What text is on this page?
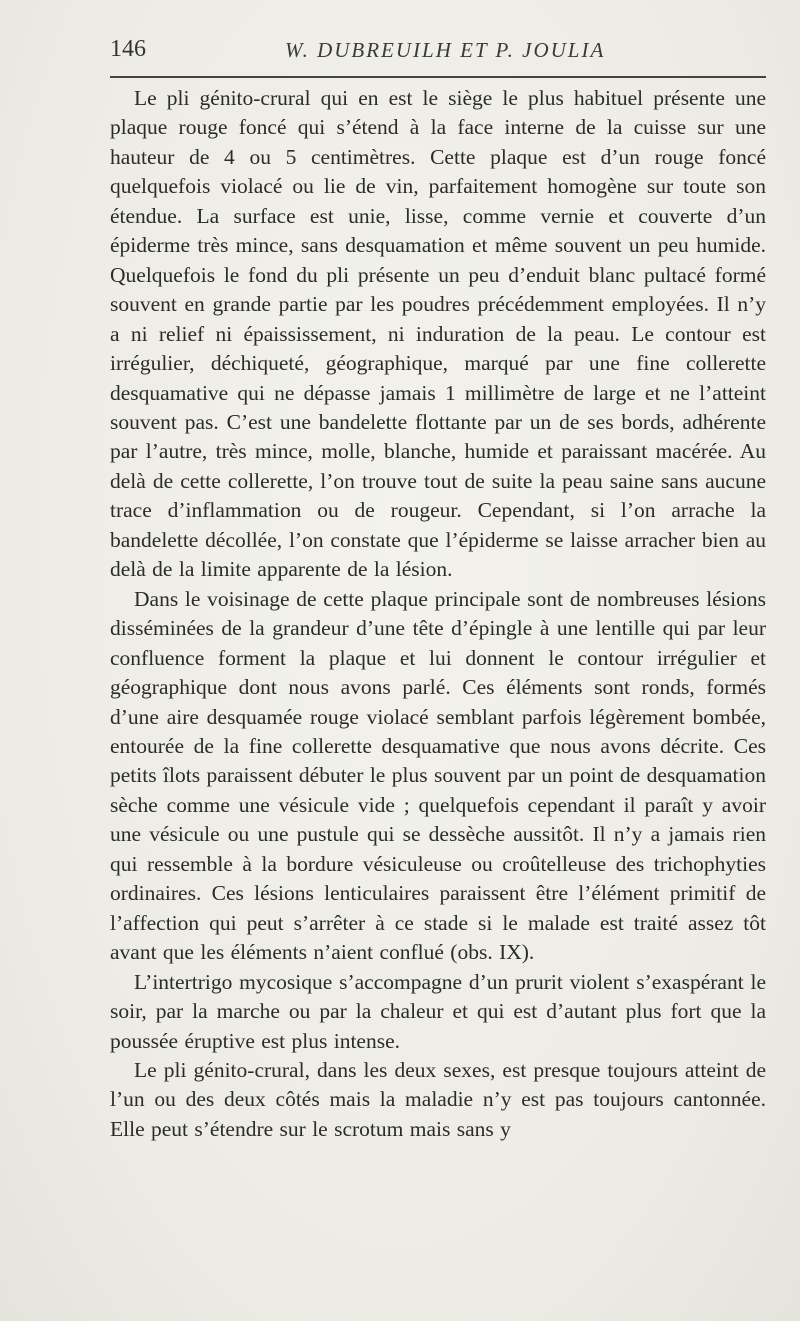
146	W. DUBREUILH ET P. JOULIA

Le pli génito-crural qui en est le siège le plus habituel présente une plaque rouge foncé qui s’étend à la face interne de la cuisse sur une hauteur de 4 ou 5 centimètres. Cette plaque est d’un rouge foncé quelquefois violacé ou lie de vin, parfaitement homogène sur toute son étendue. La surface est unie, lisse, comme vernie et couverte d’un épiderme très mince, sans desquamation et même souvent un peu humide. Quelquefois le fond du pli présente un peu d’enduit blanc pultacé formé souvent en grande partie par les poudres précédemment employées. Il n’y a ni relief ni épaississement, ni induration de la peau. Le contour est irrégulier, déchiqueté, géographique, marqué par une fine collerette desquamative qui ne dépasse jamais 1 millimètre de large et ne l’atteint souvent pas. C’est une bandelette flottante par un de ses bords, adhérente par l’autre, très mince, molle, blanche, humide et paraissant macérée. Au delà de cette collerette, l’on trouve tout de suite la peau saine sans aucune trace d’inflammation ou de rougeur. Cependant, si l’on arrache la bandelette décollée, l’on constate que l’épiderme se laisse arracher bien au delà de la limite apparente de la lésion.

Dans le voisinage de cette plaque principale sont de nombreuses lésions disséminées de la grandeur d’une tête d’épingle à une lentille qui par leur confluence forment la plaque et lui donnent le contour irrégulier et géographique dont nous avons parlé. Ces éléments sont ronds, formés d’une aire desquamée rouge violacé semblant parfois légèrement bombée, entourée de la fine collerette desquamative que nous avons décrite. Ces petits îlots paraissent débuter le plus souvent par un point de desquamation sèche comme une vésicule vide ; quelquefois cependant il paraît y avoir une vésicule ou une pustule qui se dessèche aussitôt. Il n’y a jamais rien qui ressemble à la bordure vésiculeuse ou croûtelleuse des trichophyties ordinaires. Ces lésions lenticulaires paraissent être l’élément primitif de l’affection qui peut s’arrêter à ce stade si le malade est traité assez tôt avant que les éléments n’aient conflué (obs. IX).

L’intertrigo mycosique s’accompagne d’un prurit violent s’exaspérant le soir, par la marche ou par la chaleur et qui est d’autant plus fort que la poussée éruptive est plus intense.

Le pli génito-crural, dans les deux sexes, est presque toujours atteint de l’un ou des deux côtés mais la maladie n’y est pas toujours cantonnée. Elle peut s’étendre sur le scrotum mais sans y
